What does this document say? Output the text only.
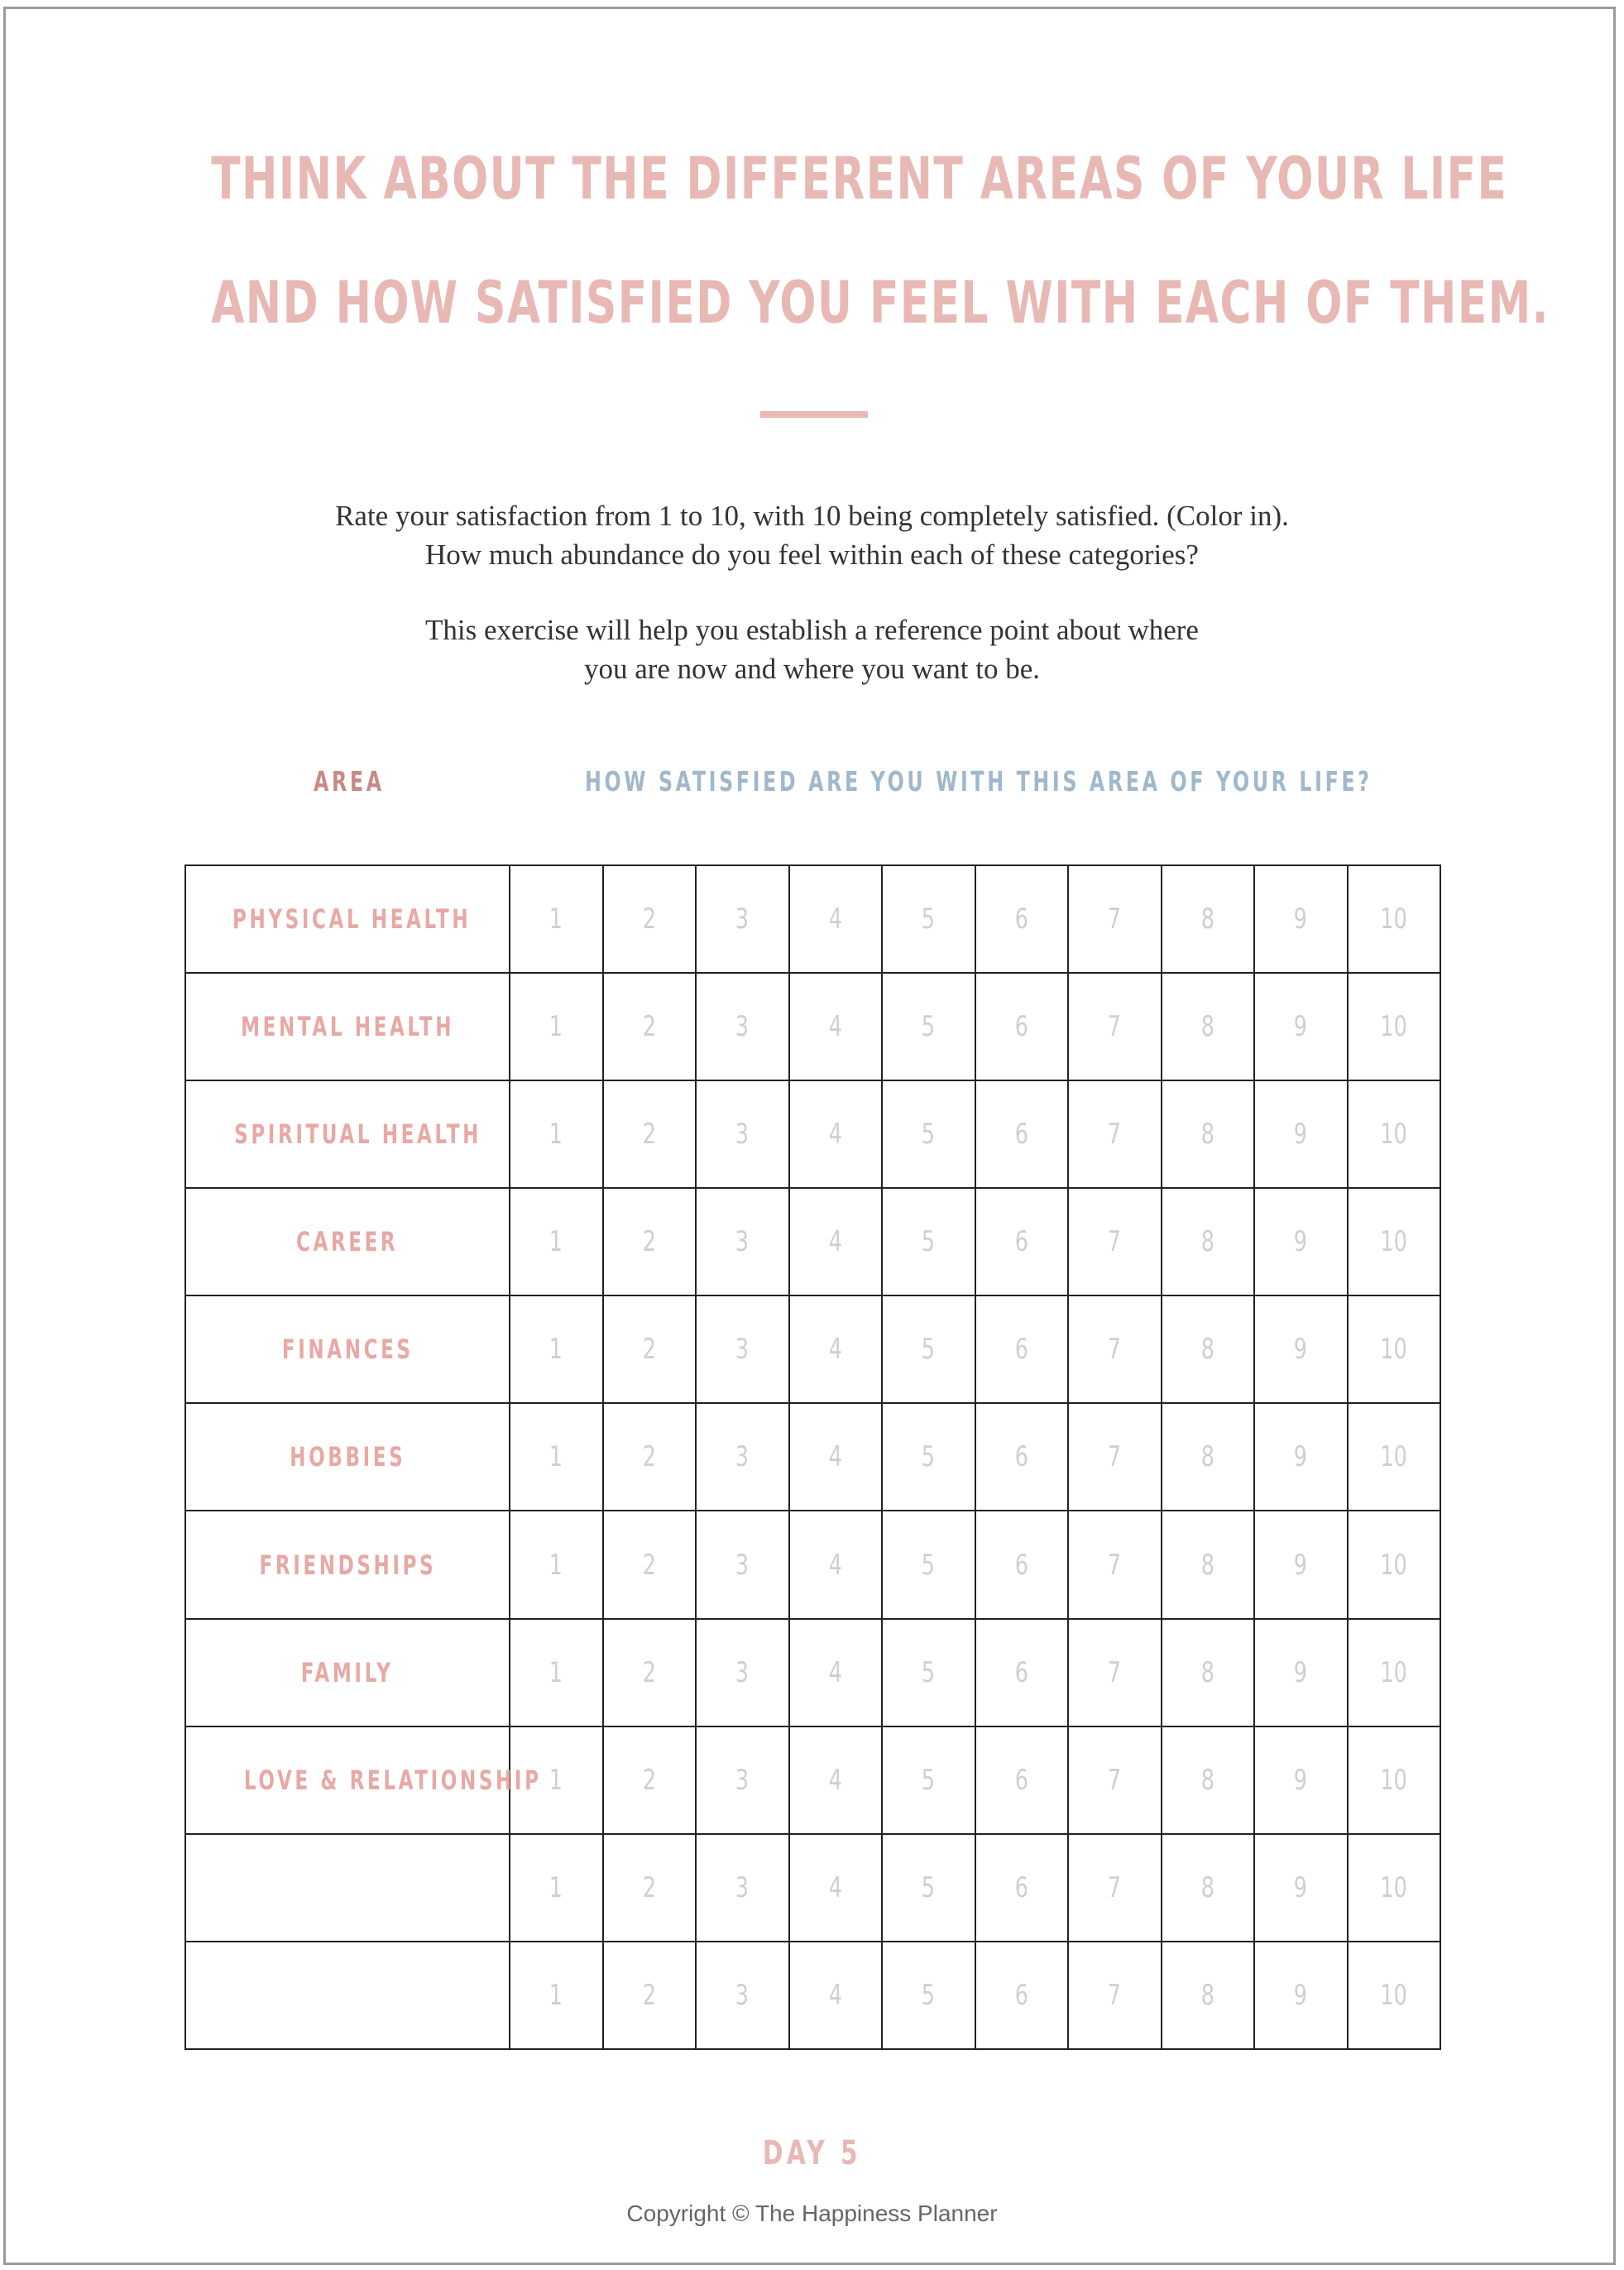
THINK ABOUT THE DIFFERENT AREAS OF YOUR LIFE
AND HOW SATISFIED YOU FEEL WITH EACH OF THEM.
Rate your satisfaction from 1 to 10, with 10 being completely satisfied. (Color in).
How much abundance do you feel within each of these categories?
This exercise will help you establish a reference point about where
you are now and where you want to be.
AREA	HOW SATISFIED ARE YOU WITH THIS AREA OF YOUR LIFE?
PHYSICAL HEALTH	1	2	3	4	5	6	7	8	9	10
MENTAL HEALTH	1	2	3	4	5	6	7	8	9	10
SPIRITUAL HEALTH	1	2	3	4	5	6	7	8	9	10
CAREER	1	2	3	4	5	6	7	8	9	10
FINANCES	1	2	3	4	5	6	7	8	9	10
HOBBIES	1	2	3	4	5	6	7	8	9	10
FRIENDSHIPS	1	2	3	4	5	6	7	8	9	10
FAMILY	1	2	3	4	5	6	7	8	9	10
LOVE & RELATIONSHIP	1	2	3	4	5	6	7	8	9	10
	1	2	3	4	5	6	7	8	9	10
	1	2	3	4	5	6	7	8	9	10
DAY 5
Copyright © The Happiness Planner
